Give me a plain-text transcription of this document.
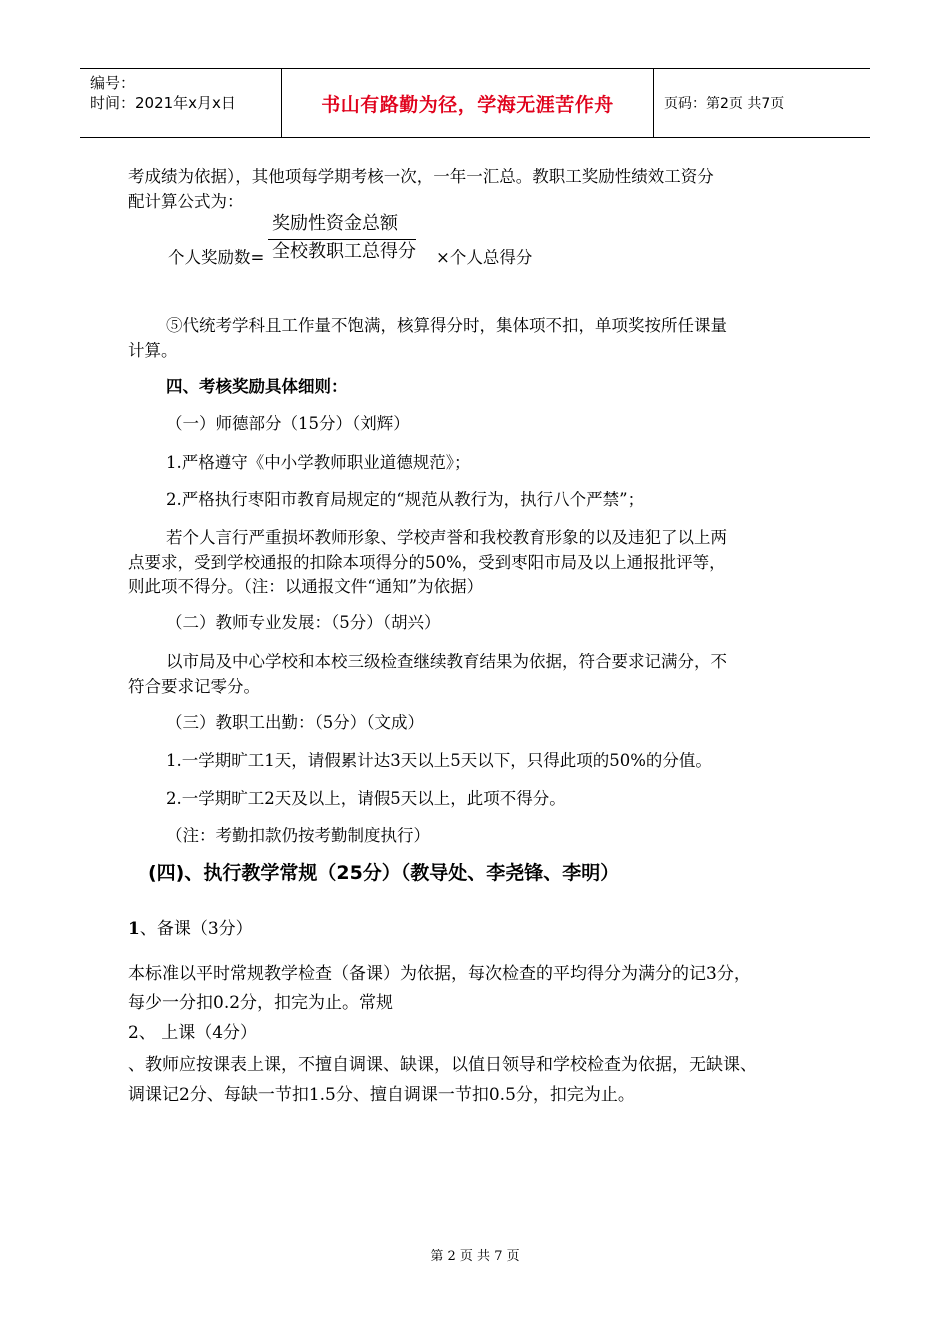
编号：
时间：2021年x月x日	书山有路勤为径，学海无涯苦作舟	页码：第2页 共7页
考成绩为依据），其他项每学期考核一次，一年一汇总。教职工奖励性绩效工资分
配计算公式为：
奖励性资金总额
个人奖励数= 全校教职工总得分 ×个人总得分
⑤代统考学科且工作量不饱满，核算得分时，集体项不扣，单项奖按所任课量
计算。
四、考核奖励具体细则：
（一）师德部分（15分）（刘辉）
1.严格遵守《中小学教师职业道德规范》；
2.严格执行枣阳市教育局规定的“规范从教行为，执行八个严禁”；
若个人言行严重损坏教师形象、学校声誉和我校教育形象的以及违犯了以上两
点要求，受到学校通报的扣除本项得分的50%，受到枣阳市局及以上通报批评等，
则此项不得分。（注：以通报文件“通知”为依据）
（二）教师专业发展：（5分）（胡兴）
以市局及中心学校和本校三级检查继续教育结果为依据，符合要求记满分，不
符合要求记零分。
（三）教职工出勤：（5分）（文成）
1.一学期旷工1天，请假累计达3天以上5天以下，只得此项的50%的分值。
2.一学期旷工2天及以上，请假5天以上，此项不得分。
（注：考勤扣款仍按考勤制度执行）
(四)、执行教学常规（25分）（教导处、李尧锋、李明）
1、备课（3分）
本标准以平时常规教学检查（备课）为依据，每次检查的平均得分为满分的记3分，
每少一分扣0.2分，扣完为止。常规
2、 上课（4分）
、教师应按课表上课，不擅自调课、缺课，以值日领导和学校检查为依据，无缺课、
调课记2分、每缺一节扣1.5分、擅自调课一节扣0.5分，扣完为止。
第 2 页 共 7 页
